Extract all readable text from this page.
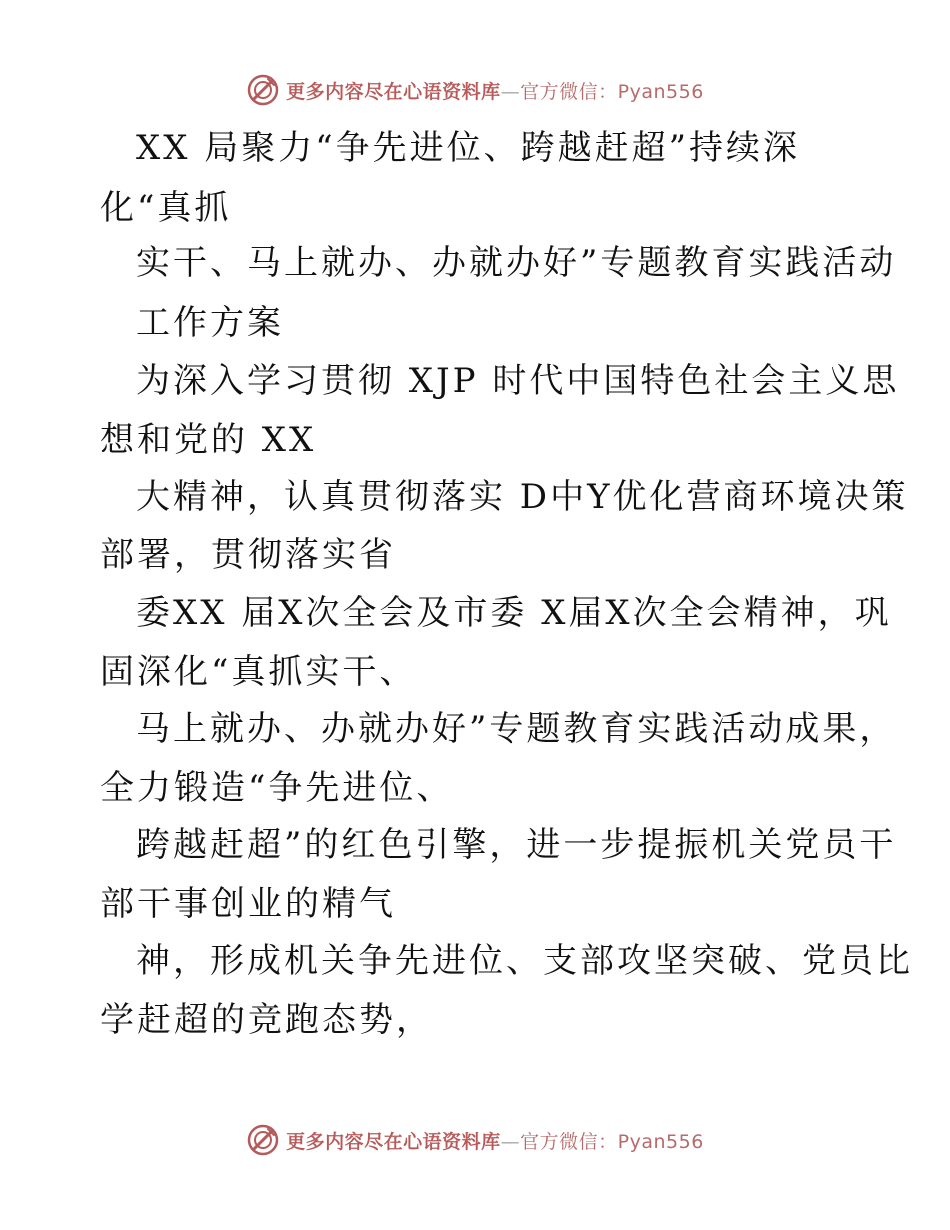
更多内容尽在心语资料库—官方微信：Pyan556
XX 局聚力“争先进位、跨越赶超”持续深
化“真抓
实干、马上就办、办就办好”专题教育实践活动
工作方案
为深入学习贯彻 XJP 时代中国特色社会主义思
想和党的 XX
大精神，认真贯彻落实 D中Y优化营商环境决策
部署，贯彻落实省
委XX 届X次全会及市委 X届X次全会精神，巩
固深化“真抓实干、
马上就办、办就办好”专题教育实践活动成果，
全力锻造“争先进位、
跨越赶超”的红色引擎，进一步提振机关党员干
部干事创业的精气
神，形成机关争先进位、支部攻坚突破、党员比
学赶超的竞跑态势，
更多内容尽在心语资料库—官方微信：Pyan556
